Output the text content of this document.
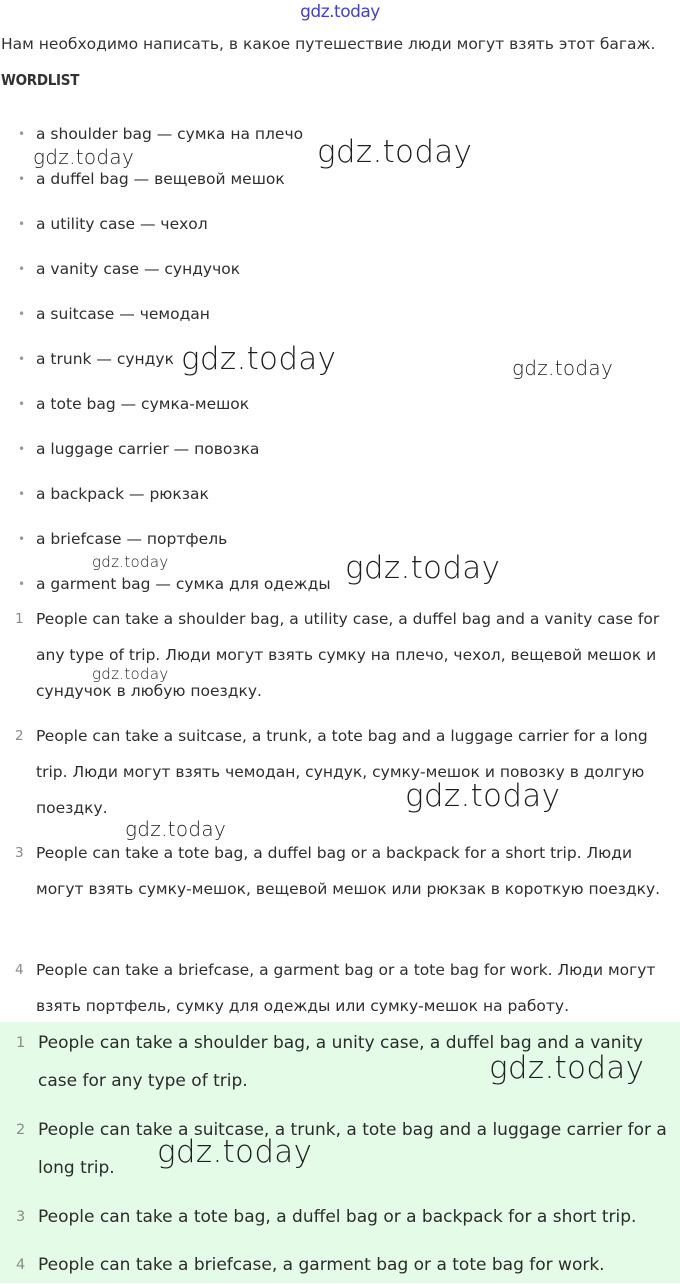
gdz.today
Нам необходимо написать, в какое путешествие люди могут взять этот багаж.
WORDLIST
• a shoulder bag — сумка на плечо
• a duffel bag — вещевой мешок
• a utility case — чехол
• a vanity case — сундучок
• a suitcase — чемодан
• a trunk — сундук
• a tote bag — сумка-мешок
• a luggage carrier — повозка
• a backpack — рюкзак
• a briefcase — портфель
• a garment bag — сумка для одежды
1 People can take a shoulder bag, a utility case, a duffel bag and a vanity case for any type of trip. Люди могут взять сумку на плечо, чехол, вещевой мешок и сундучок в любую поездку.
2 People can take a suitcase, a trunk, a tote bag and a luggage carrier for a long trip. Люди могут взять чемодан, сундук, сумку-мешок и повозку в долгую поездку.
3 People can take a tote bag, a duffel bag or a backpack for a short trip. Люди могут взять сумку-мешок, вещевой мешок или рюкзак в короткую поездку.
4 People can take a briefcase, a garment bag or a tote bag for work. Люди могут взять портфель, сумку для одежды или сумку-мешок на работу.
1 People can take a shoulder bag, a unity case, a duffel bag and a vanity case for any type of trip.
2 People can take a suitcase, a trunk, a tote bag and a luggage carrier for a long trip.
3 People can take a tote bag, a duffel bag or a backpack for a short trip.
4 People can take a briefcase, a garment bag or a tote bag for work.
gdz.today	gdz.today
gdz.today	gdz.today
gdz.today	gdz.today
gdz.today
gdz.today
gdz.today
gdz.today
gdz.today
